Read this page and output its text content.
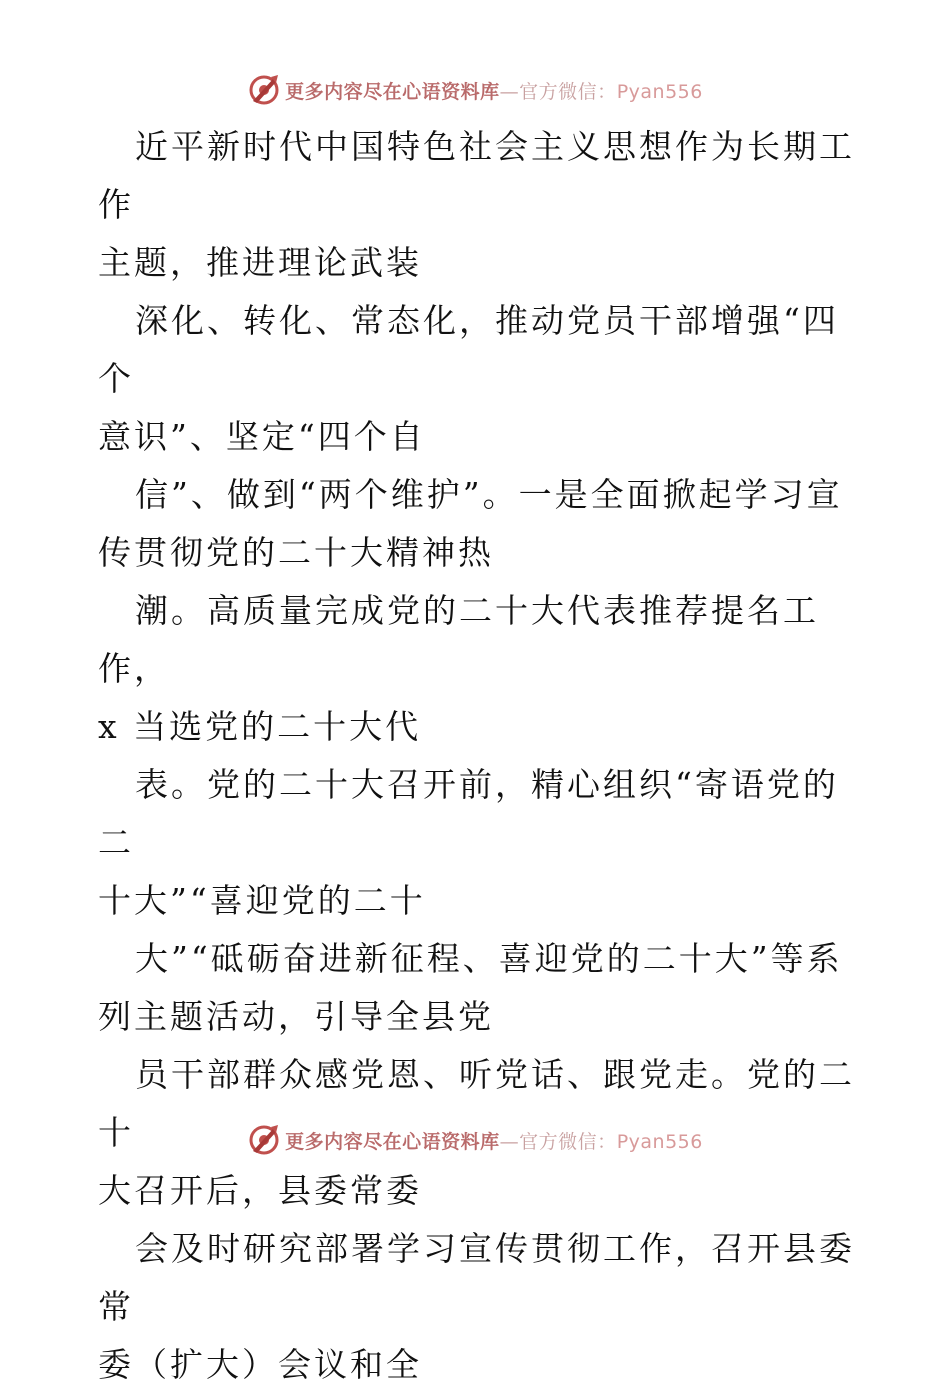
更多内容尽在心语资料库—官方微信：Pyan556

近平新时代中国特色社会主义思想作为长期工作
主题，推进理论武装

深化、转化、常态化，推动党员干部增强“四个
意识”、坚定“四个自

信”、做到“两个维护”。一是全面掀起学习宣
传贯彻党的二十大精神热

潮。高质量完成党的二十大代表推荐提名工作，
x 当选党的二十大代

表。党的二十大召开前，精心组织“寄语党的二
十大”“喜迎党的二十

大”“砥砺奋进新征程、喜迎党的二十大”等系
列主题活动，引导全县党

员干部群众感党恩、听党话、跟党走。党的二十
大召开后，县委常委

会及时研究部署学习宣传贯彻工作，召开县委常
委（扩大）会议和全

更多内容尽在心语资料库—官方微信：Pyan556
